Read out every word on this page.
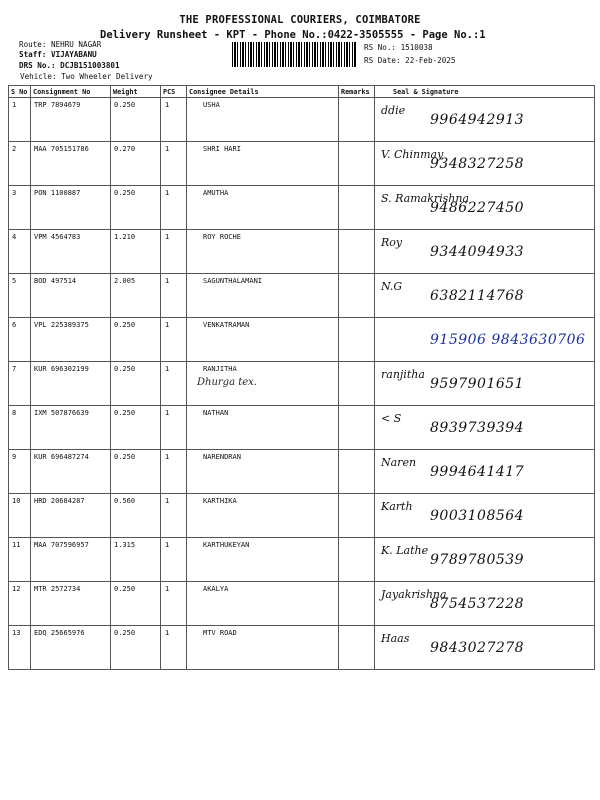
THE PROFESSIONAL COURIERS, COIMBATORE
Delivery Runsheet - KPT - Phone No.:0422-3505555 - Page No.:1
Route: NEHRU NAGAR
Staff: VIJAYABANU
DRS No.: DCJB151003801
Vehicle: Two Wheeler Delivery
RS No.: 1510038
RS Date: 22-Feb-2025
S No	Consignment No	Weight	PCS	Consignee Details	Remarks	Seal & Signature
1	TRP 7894679	0.250	1	USHA		ddie
9964942913

2	MAA 705151786	0.270	1	SHRI HARI		V. Chinmay
9348327258

3	PON 1100887	0.250	1	AMUTHA		S. Ramakrishna
9486227450

4	VPM 4564783	1.210	1	ROY ROCHE		Roy
9344094933

5	BOD 497514	2.005	1	SAGUNTHALAMANI		N.G
6382114768

6	VPL 225389375	0.250	1	VENKATRAMAN		915906 9843630706

7	KUR 696302199	0.250	1	RANJITHA
Dhurga tex.		ranjitha
9597901651

8	IXM 507876639	0.250	1	NATHAN		< S
8939739394

9	KUR 696487274	0.250	1	NARENDRAN		Naren
9994641417

10	HRD 20684287	0.560	1	KARTHIKA		Karth
9003108564

11	MAA 707596957	1.315	1	KARTHUKEYAN		K. Lathe
9789780539

12	MTR 2572734	0.250	1	AKALYA		Jayakrishna
8754537228

13	EDQ 25665976	0.250	1	MTV ROAD		Haas
9843027278
